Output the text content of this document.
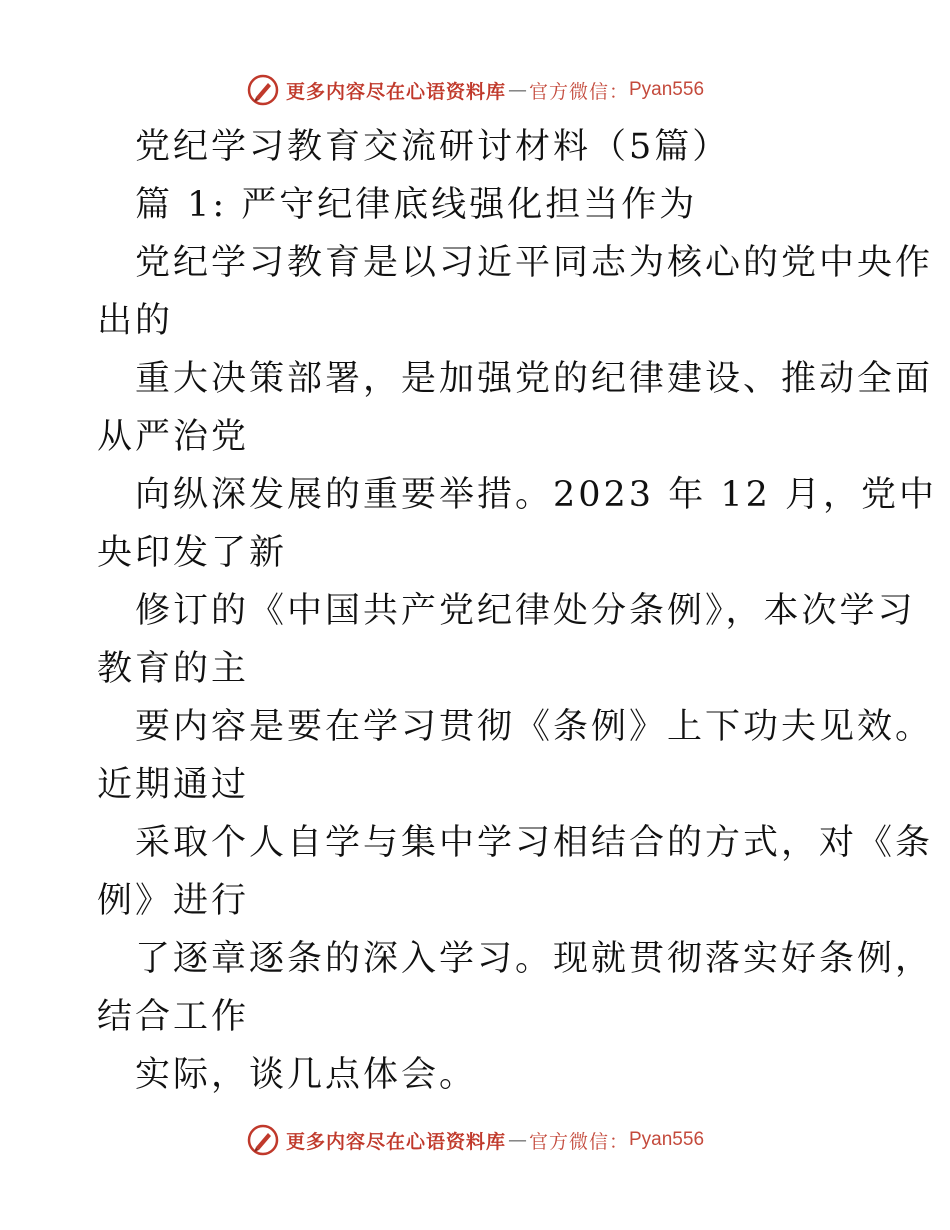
更多内容尽在心语资料库 — 官方微信： Pyan556
党纪学习教育交流研讨材料（5篇）
篇 1: 严守纪律底线强化担当作为
党纪学习教育是以习近平同志为核心的党中央作
出的
重大决策部署，是加强党的纪律建设、推动全面
从严治党
向纵深发展的重要举措。2023 年 12 月，党中
央印发了新
修订的《中国共产党纪律处分条例》，本次学习
教育的主
要内容是要在学习贯彻《条例》上下功夫见效。
近期通过
采取个人自学与集中学习相结合的方式，对《条
例》进行
了逐章逐条的深入学习。现就贯彻落实好条例，
结合工作
实际，谈几点体会。
更多内容尽在心语资料库 — 官方微信： Pyan556
